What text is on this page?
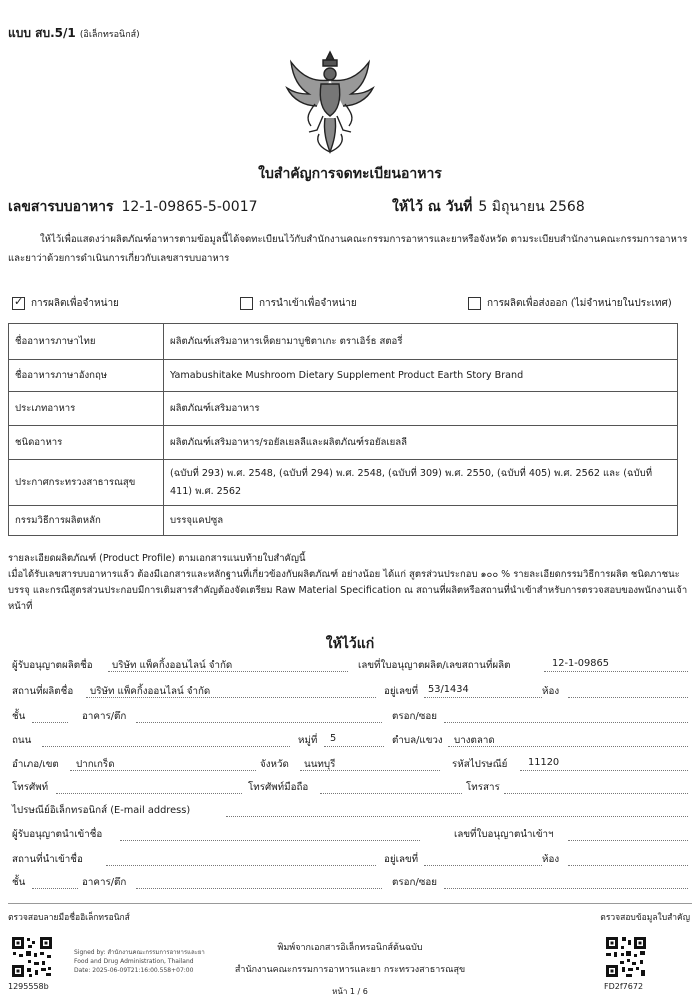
แบบ สบ.5/1 (อิเล็กทรอนิกส์)
ใบสำคัญการจดทะเบียนอาหาร
เลขสารบบอาหาร 12-1-09865-5-0017	ให้ไว้ ณ วันที่ 5 มิถุนายน 2568
ให้ไว้เพื่อแสดงว่าผลิตภัณฑ์อาหารตามข้อมูลนี้ได้จดทะเบียนไว้กับสำนักงานคณะกรรมการอาหารและยาหรือจังหวัด ตามระเบียบสำนักงานคณะกรรมการอาหารและยาว่าด้วยการดำเนินการเกี่ยวกับเลขสารบบอาหาร
✓ การผลิตเพื่อจำหน่าย	การนำเข้าเพื่อจำหน่าย	การผลิตเพื่อส่งออก (ไม่จำหน่ายในประเทศ)
ชื่ออาหารภาษาไทย	ผลิตภัณฑ์เสริมอาหารเห็ดยามาบูชิตาเกะ ตราเอิร์ธ สตอรี่
ชื่ออาหารภาษาอังกฤษ	Yamabushitake Mushroom Dietary Supplement Product Earth Story Brand
ประเภทอาหาร	ผลิตภัณฑ์เสริมอาหาร
ชนิดอาหาร	ผลิตภัณฑ์เสริมอาหาร/รอยัลเยลลีและผลิตภัณฑ์รอยัลเยลลี
ประกาศกระทรวงสาธารณสุข	(ฉบับที่ 293) พ.ศ. 2548, (ฉบับที่ 294) พ.ศ. 2548, (ฉบับที่ 309) พ.ศ. 2550, (ฉบับที่ 405) พ.ศ. 2562 และ (ฉบับที่ 411) พ.ศ. 2562
กรรมวิธีการผลิตหลัก	บรรจุแคปซูล
รายละเอียดผลิตภัณฑ์ (Product Profile) ตามเอกสารแนบท้ายใบสำคัญนี้
เมื่อได้รับเลขสารบบอาหารแล้ว ต้องมีเอกสารและหลักฐานที่เกี่ยวข้องกับผลิตภัณฑ์ อย่างน้อย ได้แก่ สูตรส่วนประกอบ ๑๐๐ % รายละเอียดกรรมวิธีการผลิต ชนิดภาชนะบรรจุ และกรณีสูตรส่วนประกอบมีการเติมสารสำคัญต้องจัดเตรียม Raw Material Specification ณ สถานที่ผลิตหรือสถานที่นำเข้าสำหรับการตรวจสอบของพนักงานเจ้าหน้าที่
ให้ไว้แก่
ผู้รับอนุญาตผลิตชื่อ บริษัท แพ็คกิ้งออนไลน์ จำกัด	เลขที่ใบอนุญาตผลิต/เลขสถานที่ผลิต	12-1-09865
สถานที่ผลิตชื่อ บริษัท แพ็คกิ้งออนไลน์ จำกัด	อยู่เลขที่ 53/1434	ห้อง
ชั้น	อาคาร/ตึก	ตรอก/ซอย
ถนน	หมู่ที่ 5	ตำบล/แขวง บางตลาด
อำเภอ/เขต ปากเกร็ด	จังหวัด นนทบุรี	รหัสไปรษณีย์ 11120
โทรศัพท์	โทรศัพท์มือถือ	โทรสาร
ไปรษณีย์อิเล็กทรอนิกส์ (E-mail address)
ผู้รับอนุญาตนำเข้าชื่อ	เลขที่ใบอนุญาตนำเข้าฯ
สถานที่นำเข้าชื่อ	อยู่เลขที่	ห้อง
ชั้น	อาคาร/ตึก	ตรอก/ซอย
ตรวจสอบลายมือชื่ออิเล็กทรอนิกส์	ตรวจสอบข้อมูลใบสำคัญ
1295558b
Signed by: สำนักงานคณะกรรมการอาหารและยา
Food and Drug Administration, Thailand
Date: 2025-06-09T21:16:00.558+07:00
พิมพ์จากเอกสารอิเล็กทรอนิกส์ต้นฉบับ
สำนักงานคณะกรรมการอาหารและยา กระทรวงสาธารณสุข
หน้า 1 / 6
FD2f7672
